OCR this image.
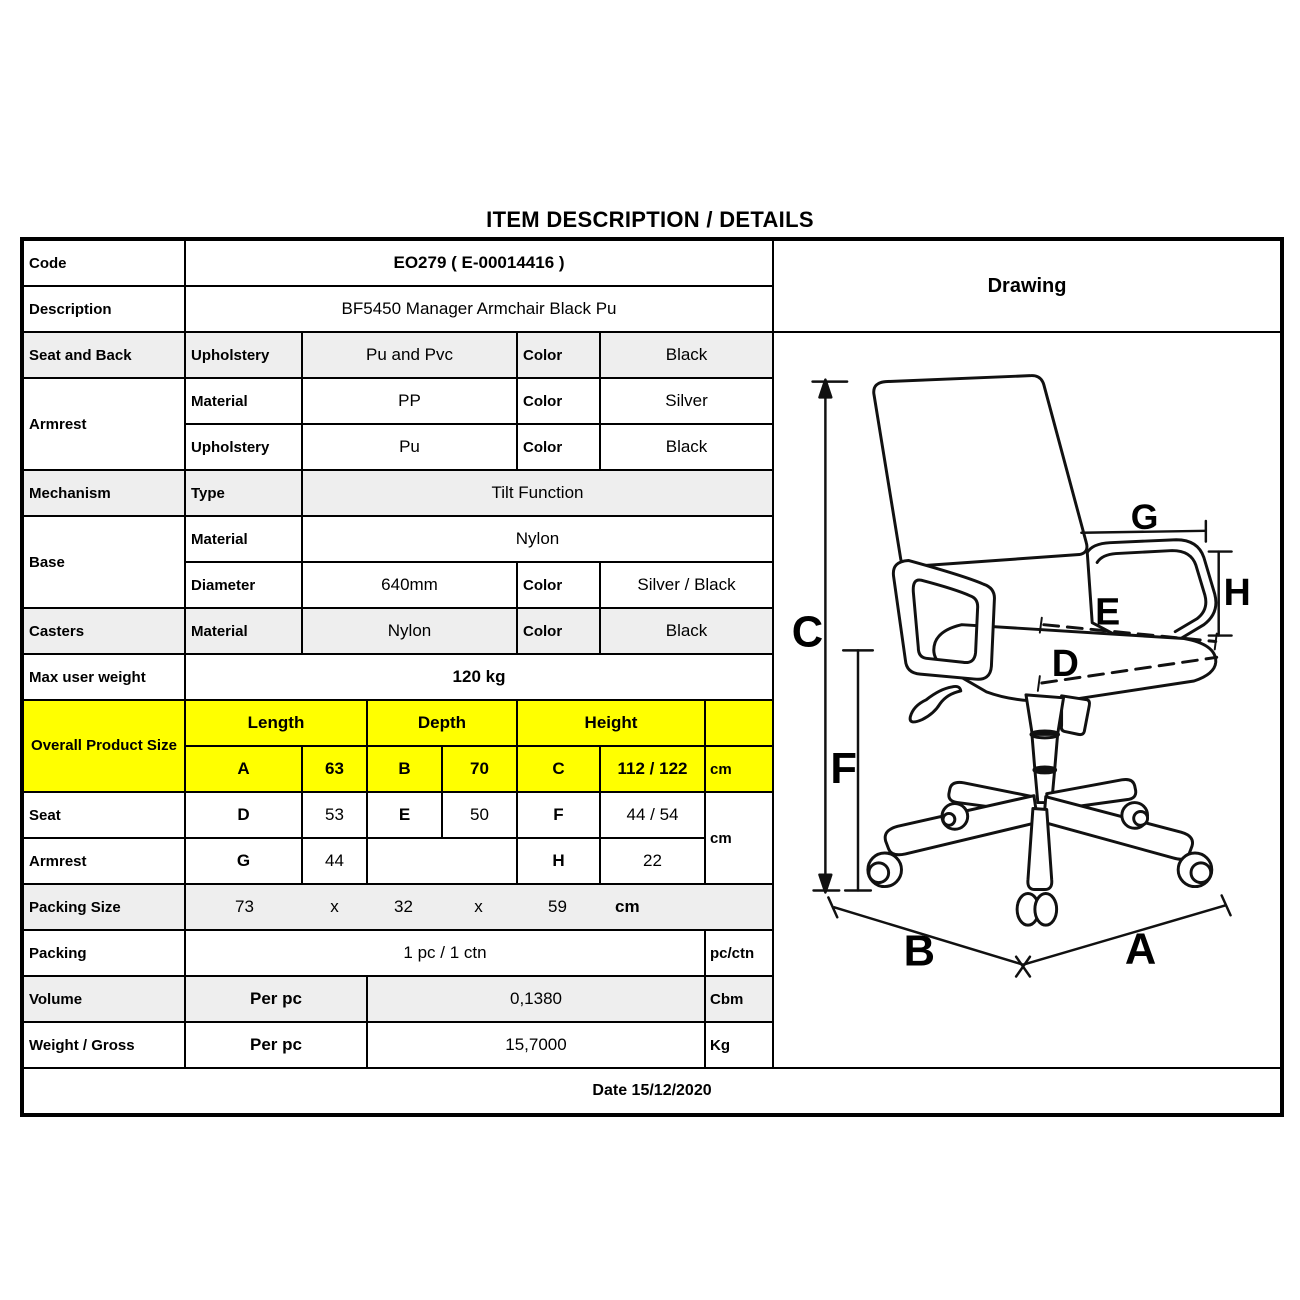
ITEM DESCRIPTION / DETAILS
Code	EO279 ( E-00014416 )							Drawing
Description	BF5450 Manager Armchair Black Pu							
Seat and Back	Upholstery	Pu and Pvc	Color	Black	
C
F
G
H
E
D
B	A

Armrest	Material	PP			Color	Silver		
	Upholstery	Pu			Color	Black		
Mechanism	Type	Tilt Function						
Base	Material	Nylon						
	Diameter	640mm			Color	Silver / Black		
Casters	Material	Nylon			Color	Black		
Max user weight	120 kg							
Overall Product Size	Length		Depth		Height			
	A	63	B	70	C	112 / 122	cm	
Seat	D	53	E	50	F	44 / 54	cm	
Armrest	G	44			H	22		
Packing Size	73	x	32	x	59	cm

Packing	1 pc / 1 ctn						pc/ctn	
Volume	Per pc		0,1380				Cbm	
Weight / Gross	Per pc		15,7000				Kg	
Date 15/12/2020								
